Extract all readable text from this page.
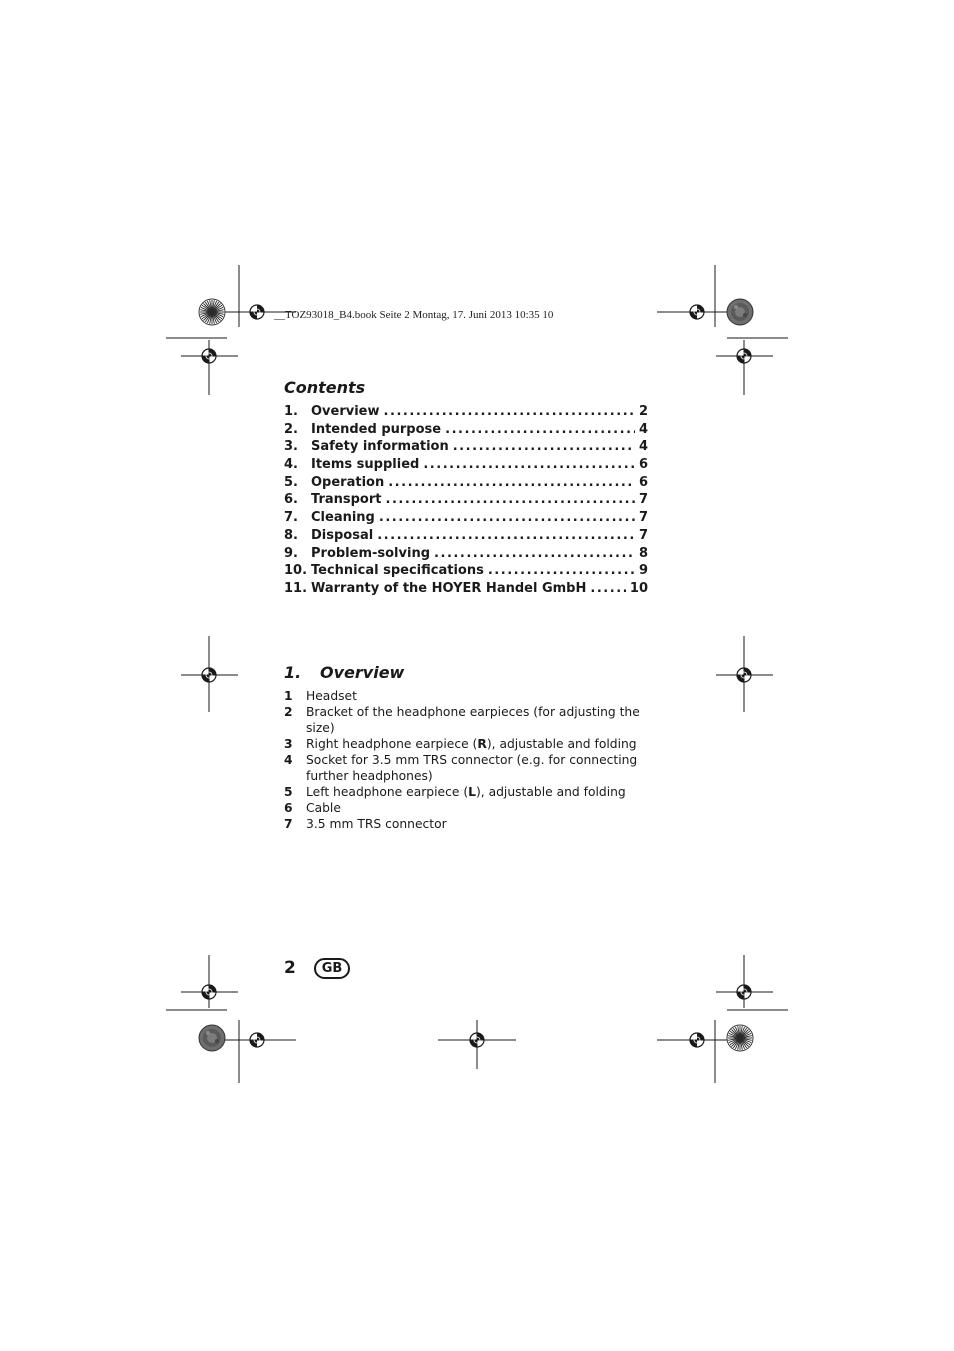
__TOZ93018_B4.book Seite 2 Montag, 17. Juni 2013 10:35 10
Contents
1.	Overview . . .	2
2.	Intended purpose . . .	4
3.	Safety information . . .	4
4.	Items supplied . . .	6
5.	Operation . . .	6
6.	Transport . . .	7
7.	Cleaning . . .	7
8.	Disposal . . .	7
9.	Problem-solving . . .	8
10. Technical specifications . . .	9
11. Warranty of the HOYER Handel GmbH . . .	10
1. Overview
1	Headset
2	Bracket of the headphone earpieces (for adjusting the size)
3	Right headphone earpiece (R), adjustable and folding
4	Socket for 3.5 mm TRS connector (e.g. for connecting further headphones)
5	Left headphone earpiece (L), adjustable and folding
6	Cable
7	3.5 mm TRS connector
2	GB
